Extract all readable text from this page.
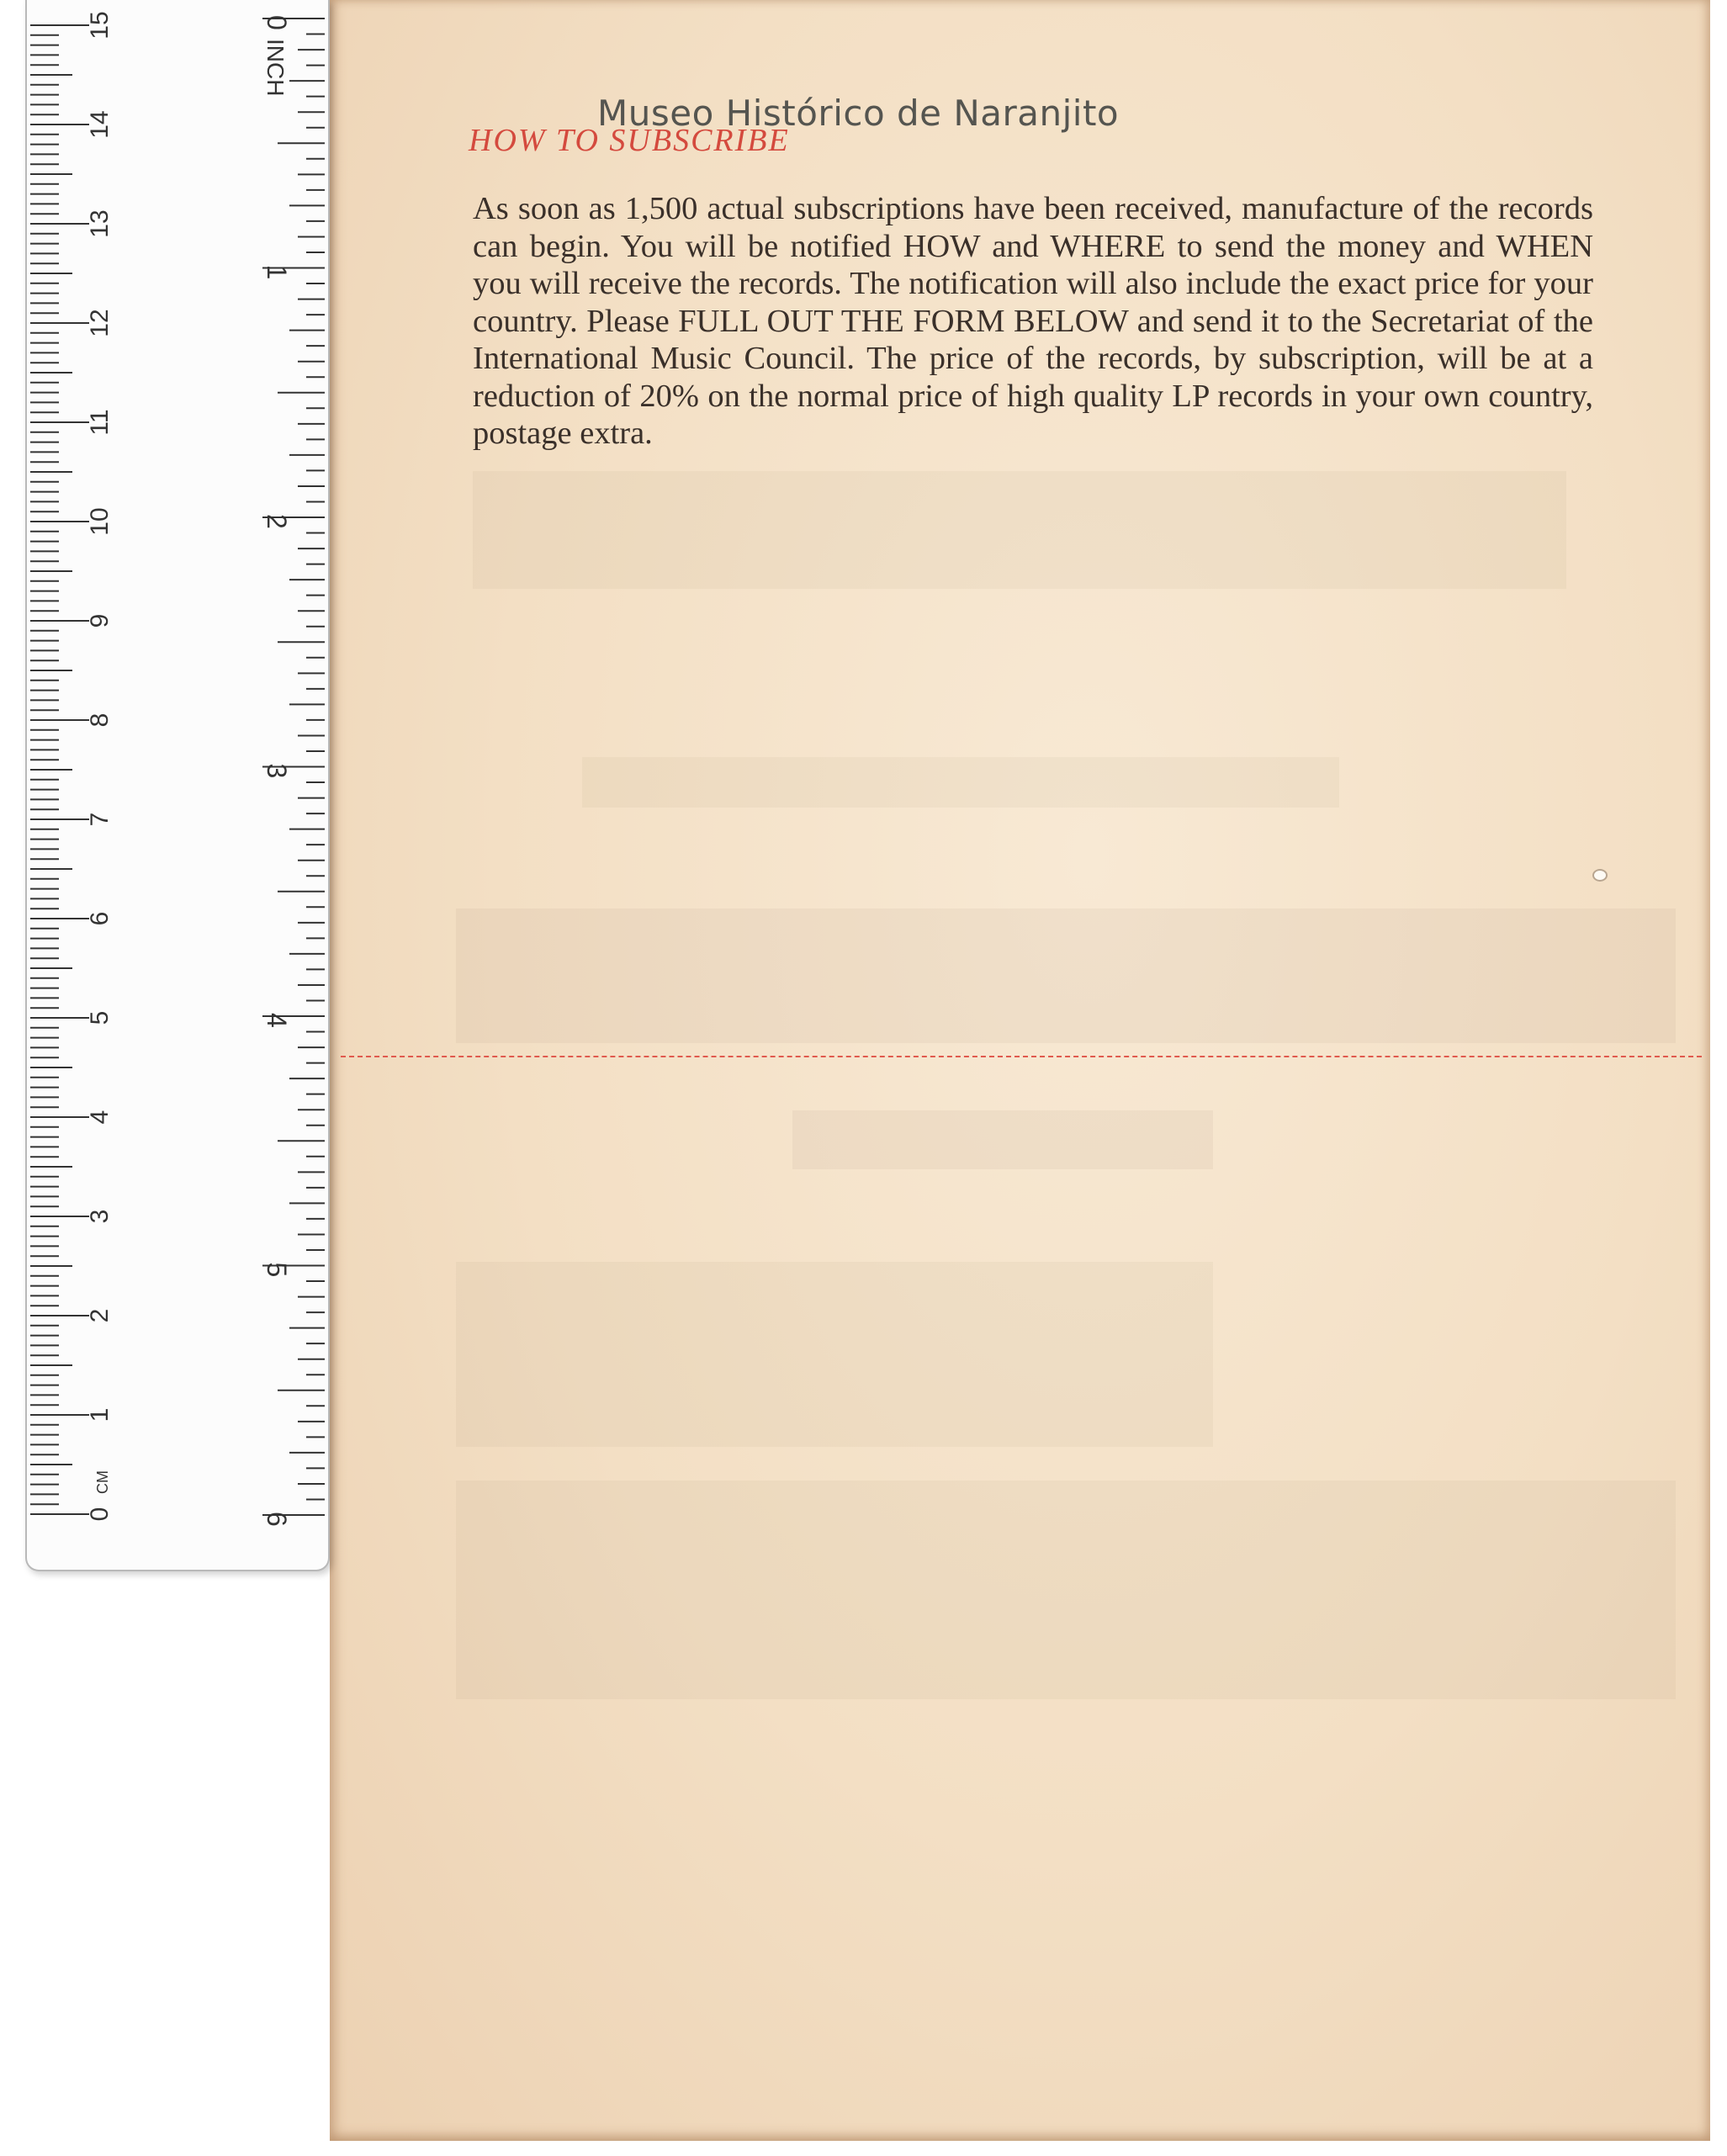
HOW TO SUBSCRIBE
Museo Histórico de Naranjito
As soon as 1,500 actual subscriptions have been received, manufacture of the records can begin. You will be notified HOW and WHERE to send the money and WHEN you will receive the records. The notification will also include the exact price for your country. Please FULL OUT THE FORM BELOW and send it to the Secretariat of the International Music Council. The price of the records, by subscription, will be at a reduction of 20% on the normal price of high quality LP records in your own country, postage extra.
0
1
2
3
4
5
6
7
8
9
10
11
12
13
14
15
CM
0
1
2
3
4
5
6
INCH
